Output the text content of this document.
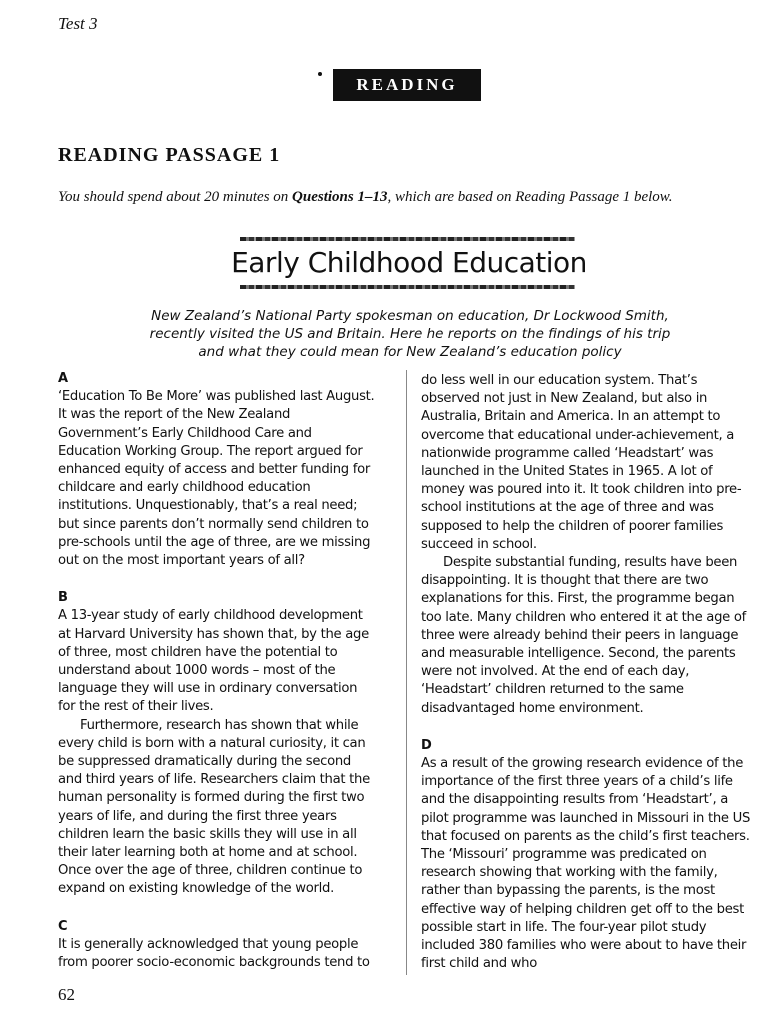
Test 3
READING
READING PASSAGE 1
You should spend about 20 minutes on Questions 1–13, which are based on Reading Passage 1 below.
Early Childhood Education
New Zealand’s National Party spokesman on education, Dr Lockwood Smith,
recently visited the US and Britain. Here he reports on the findings of his trip
and what they could mean for New Zealand’s education policy
A

‘Education To Be More’ was published last August. It was the report of the New Zealand Government’s Early Childhood Care and Education Working Group. The report argued for enhanced equity of access and better funding for childcare and early childhood education institutions. Unquestionably, that’s a real need; but since parents don’t normally send children to pre-schools until the age of three, are we missing out on the most important years of all?

B

A 13-year study of early childhood development at Harvard University has shown that, by the age of three, most children have the potential to understand about 1000 words – most of the language they will use in ordinary conversation for the rest of their lives.

Furthermore, research has shown that while every child is born with a natural curiosity, it can be suppressed dramatically during the second and third years of life. Researchers claim that the human personality is formed during the first two years of life, and during the first three years children learn the basic skills they will use in all their later learning both at home and at school. Once over the age of three, children continue to expand on existing knowledge of the world.

C

It is generally acknowledged that young people from poorer socio-economic backgrounds tend to

do less well in our education system. That’s observed not just in New Zealand, but also in Australia, Britain and America. In an attempt to overcome that educational under-achievement, a nationwide programme called ‘Headstart’ was launched in the United States in 1965. A lot of money was poured into it. It took children into pre-school institutions at the age of three and was supposed to help the children of poorer families succeed in school.

Despite substantial funding, results have been disappointing. It is thought that there are two explanations for this. First, the programme began too late. Many children who entered it at the age of three were already behind their peers in language and measurable intelligence. Second, the parents were not involved. At the end of each day, ‘Headstart’ children returned to the same disadvantaged home environment.

D

As a result of the growing research evidence of the importance of the first three years of a child’s life and the disappointing results from ‘Headstart’, a pilot programme was launched in Missouri in the US that focused on parents as the child’s first teachers. The ‘Missouri’ programme was predicated on research showing that working with the family, rather than bypassing the parents, is the most effective way of helping children get off to the best possible start in life. The four-year pilot study included 380 families who were about to have their first child and who

62
